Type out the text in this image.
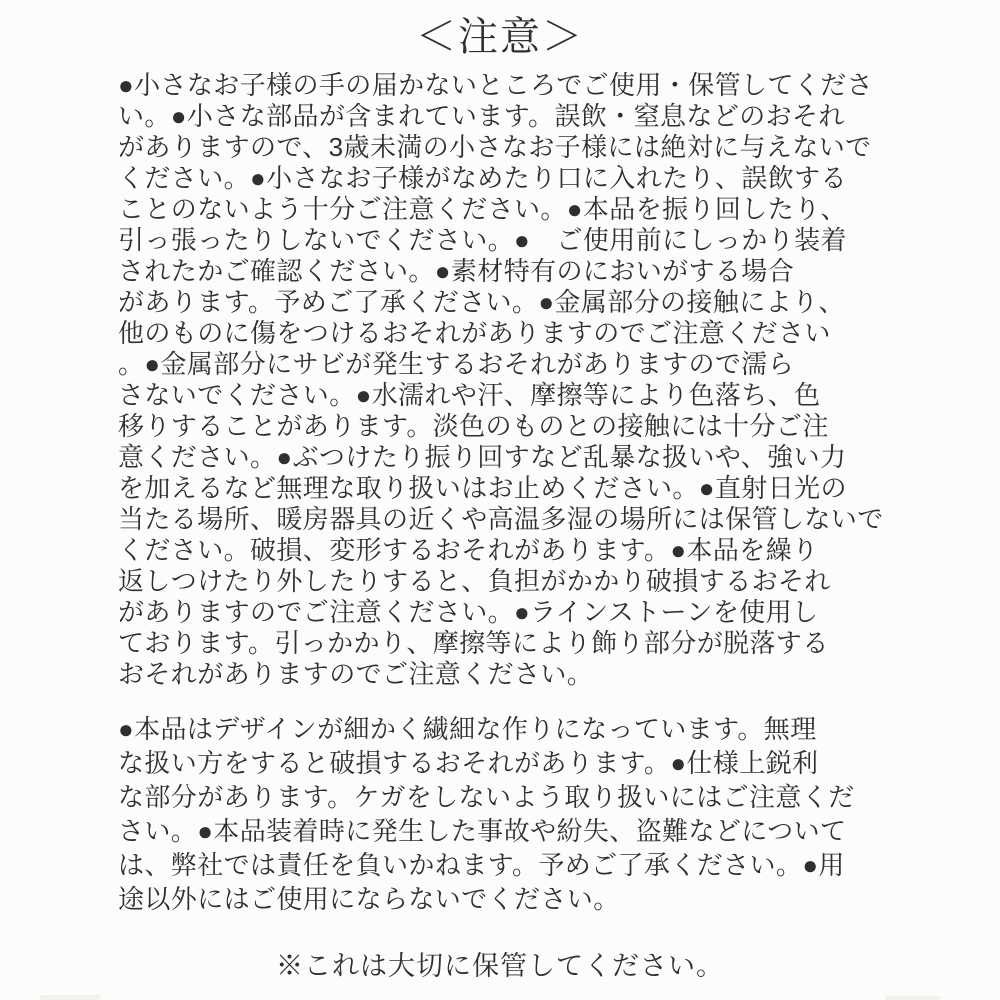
＜注意＞
●小さなお子様の手の届かないところでご使用・保管してくださ
い。●小さな部品が含まれています。誤飲・窒息などのおそれ
がありますので、3歳未満の小さなお子様には絶対に与えないで
ください。●小さなお子様がなめたり口に入れたり、誤飲する
ことのないよう十分ご注意ください。●本品を振り回したり、
引っ張ったりしないでください。●　ご使用前にしっかり装着
されたかご確認ください。●素材特有のにおいがする場合
があります。予めご了承ください。●金属部分の接触により、
他のものに傷をつけるおそれがありますのでご注意ください
。●金属部分にサビが発生するおそれがありますので濡ら
さないでください。●水濡れや汗、摩擦等により色落ち、色
移りすることがあります。淡色のものとの接触には十分ご注
意ください。●ぶつけたり振り回すなど乱暴な扱いや、強い力
を加えるなど無理な取り扱いはお止めください。●直射日光の
当たる場所、暖房器具の近くや高温多湿の場所には保管しないで
ください。破損、変形するおそれがあります。●本品を繰り
返しつけたり外したりすると、負担がかかり破損するおそれ
がありますのでご注意ください。●ラインストーンを使用し
ております。引っかかり、摩擦等により飾り部分が脱落する
おそれがありますのでご注意ください。
●本品はデザインが細かく繊細な作りになっています。無理
な扱い方をすると破損するおそれがあります。●仕様上鋭利
な部分があります。ケガをしないよう取り扱いにはご注意くだ
さい。●本品装着時に発生した事故や紛失、盗難などについて
は、弊社では責任を負いかねます。予めご了承ください。●用
途以外にはご使用にならないでください。
※これは大切に保管してください。
